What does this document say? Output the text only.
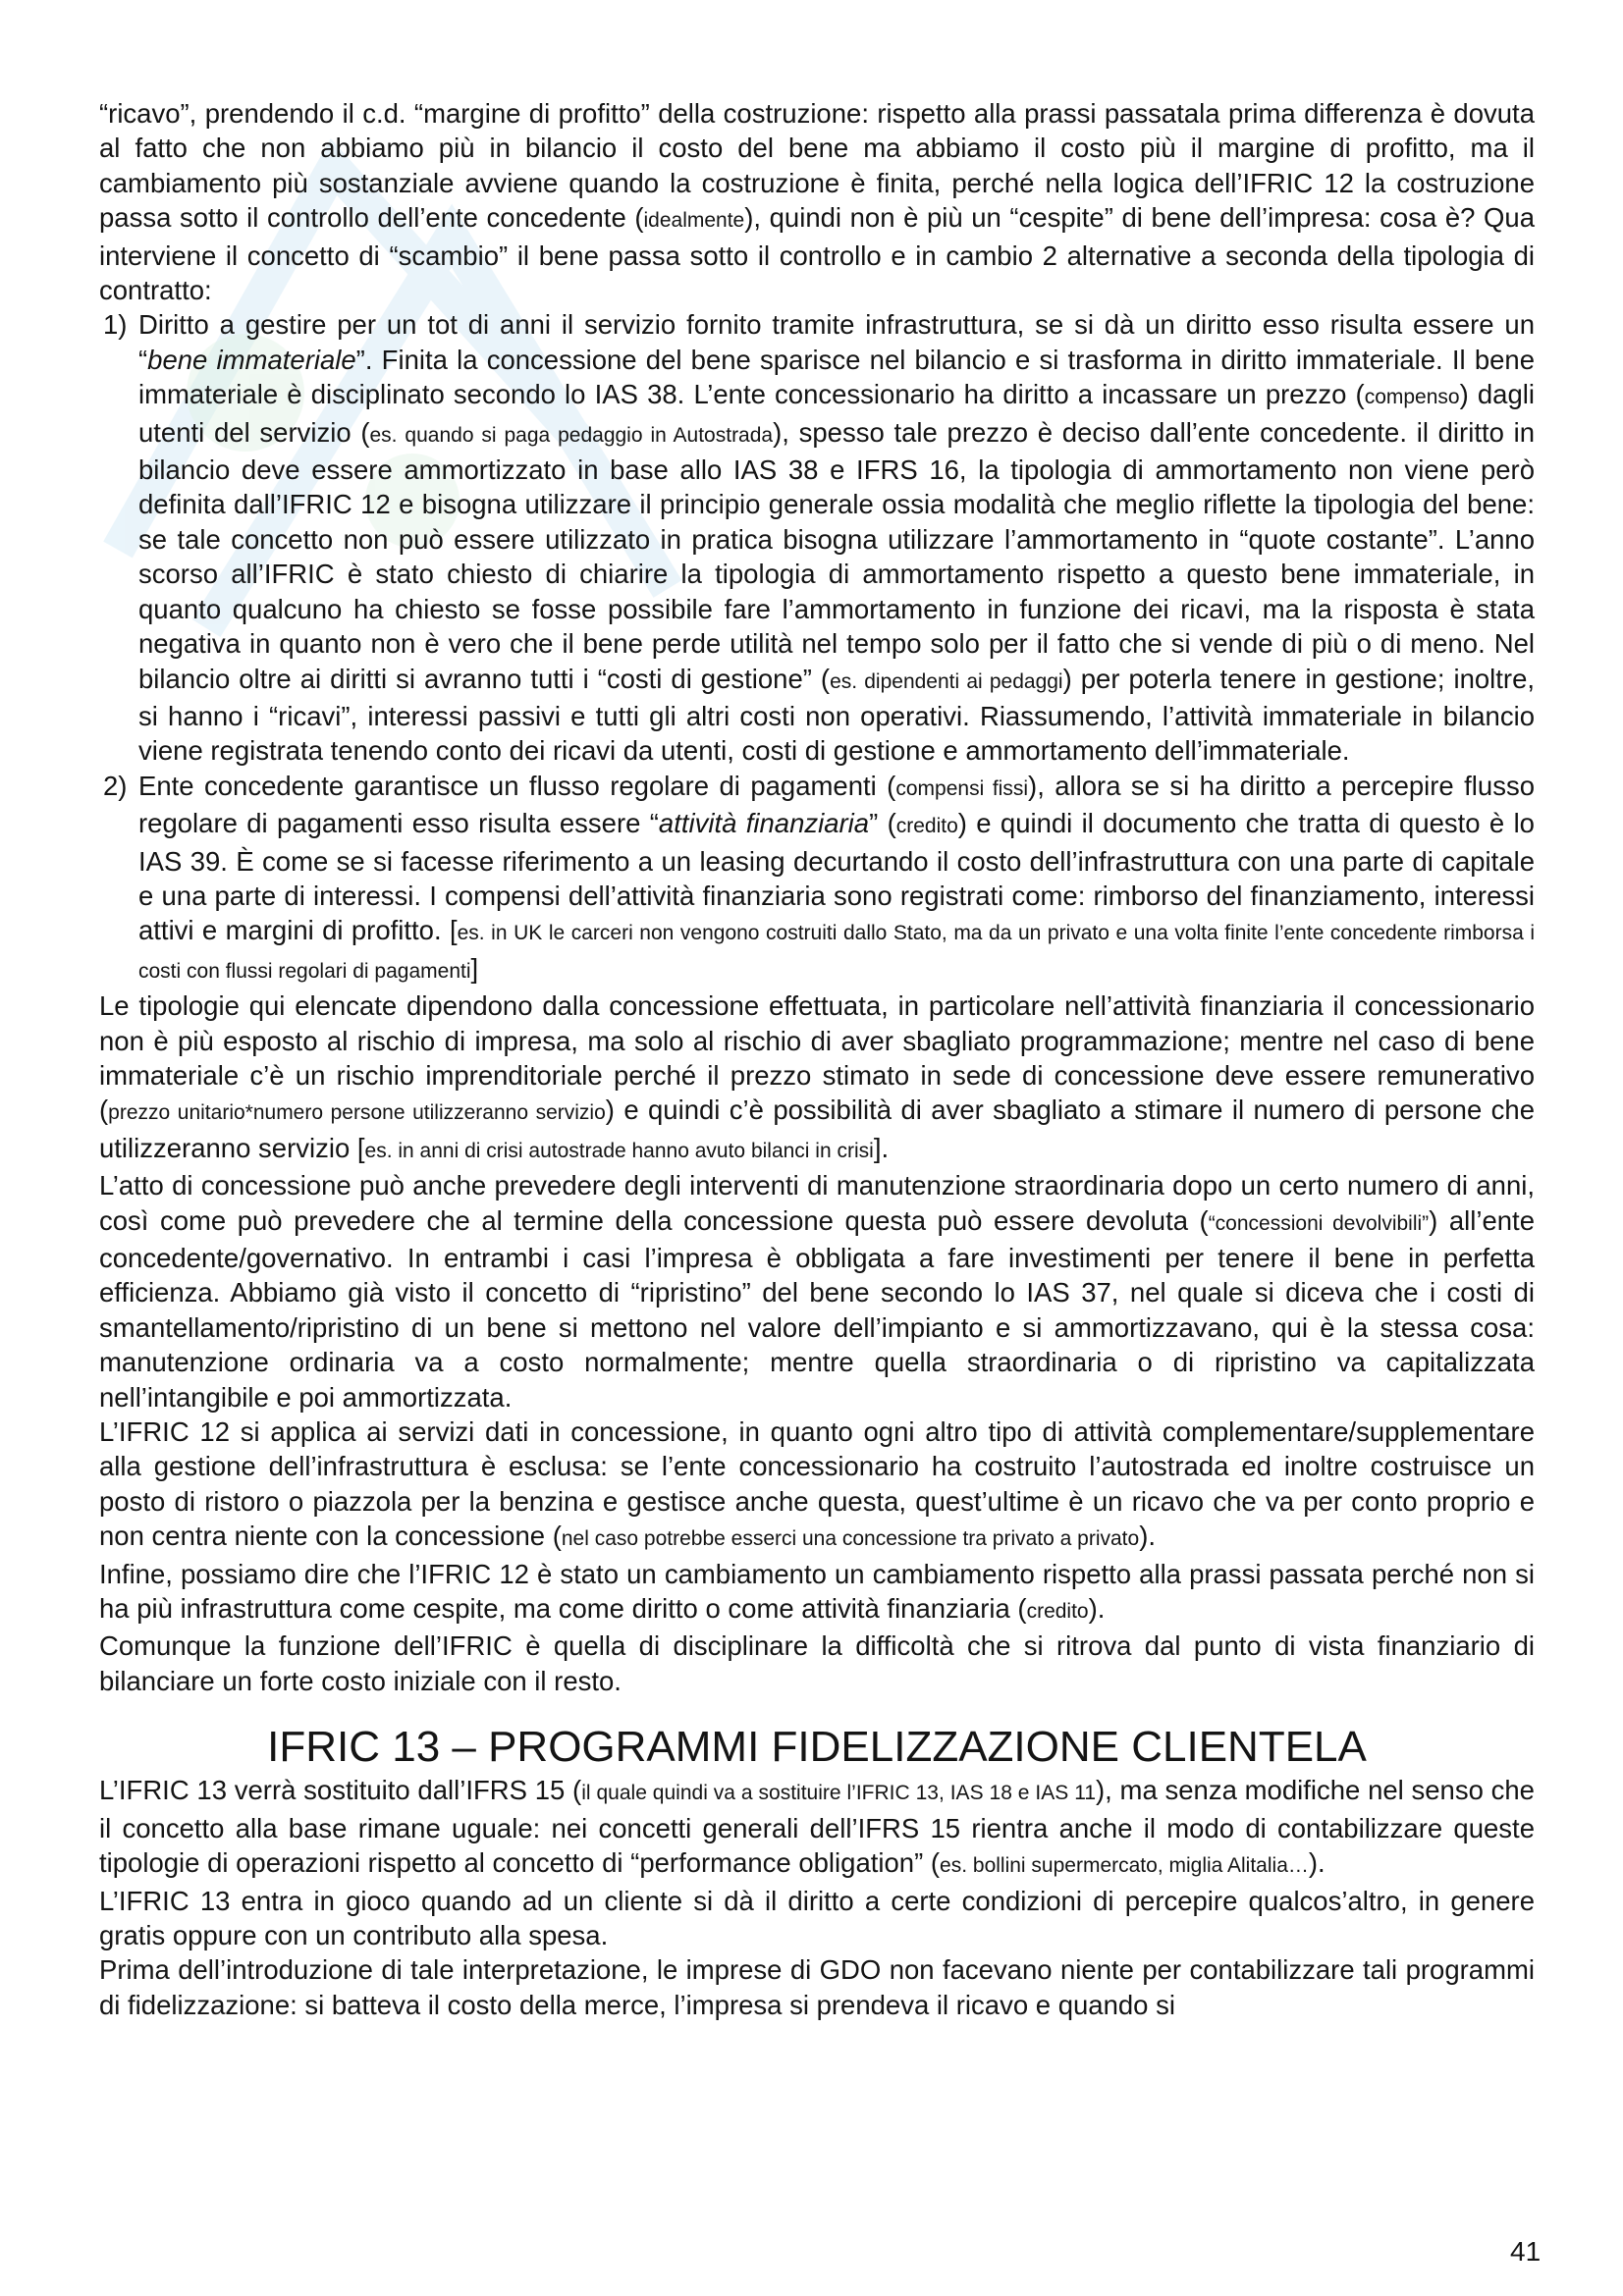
“ricavo”, prendendo il c.d. “margine di profitto” della costruzione: rispetto alla prassi passatala prima differenza è dovuta al fatto che non abbiamo più in bilancio il costo del bene ma abbiamo il costo più il margine di profitto, ma il cambiamento più sostanziale avviene quando la costruzione è finita, perché nella logica dell’IFRIC 12 la costruzione passa sotto il controllo dell’ente concedente (idealmente), quindi non è più un “cespite” di bene dell’impresa: cosa è? Qua interviene il concetto di “scambio” il bene passa sotto il controllo e in cambio 2 alternative a seconda della tipologia di contratto:

1) Diritto a gestire per un tot di anni il servizio fornito tramite infrastruttura, se si dà un diritto esso risulta essere un “bene immateriale”. Finita la concessione del bene sparisce nel bilancio e si trasforma in diritto immateriale. Il bene immateriale è disciplinato secondo lo IAS 38. L’ente concessionario ha diritto a incassare un prezzo (compenso) dagli utenti del servizio (es. quando si paga pedaggio in Autostrada), spesso tale prezzo è deciso dall’ente concedente. il diritto in bilancio deve essere ammortizzato in base allo IAS 38 e IFRS 16, la tipologia di ammortamento non viene però definita dall’IFRIC 12 e bisogna utilizzare il principio generale ossia modalità che meglio riflette la tipologia del bene: se tale concetto non può essere utilizzato in pratica bisogna utilizzare l’ammortamento in “quote costante”. L’anno scorso all’IFRIC è stato chiesto di chiarire la tipologia di ammortamento rispetto a questo bene immateriale, in quanto qualcuno ha chiesto se fosse possibile fare l’ammortamento in funzione dei ricavi, ma la risposta è stata negativa in quanto non è vero che il bene perde utilità nel tempo solo per il fatto che si vende di più o di meno. Nel bilancio oltre ai diritti si avranno tutti i “costi di gestione” (es. dipendenti ai pedaggi) per poterla tenere in gestione; inoltre, si hanno i “ricavi”, interessi passivi e tutti gli altri costi non operativi. Riassumendo, l’attività immateriale in bilancio viene registrata tenendo conto dei ricavi da utenti, costi di gestione e ammortamento dell’immateriale.
2) Ente concedente garantisce un flusso regolare di pagamenti (compensi fissi), allora se si ha diritto a percepire flusso regolare di pagamenti esso risulta essere “attività finanziaria” (credito) e quindi il documento che tratta di questo è lo IAS 39. È come se si facesse riferimento a un leasing decurtando il costo dell’infrastruttura con una parte di capitale e una parte di interessi. I compensi dell’attività finanziaria sono registrati come: rimborso del finanziamento, interessi attivi e margini di profitto. [es. in UK le carceri non vengono costruiti dallo Stato, ma da un privato e una volta finite l’ente concedente rimborsa i costi con flussi regolari di pagamenti]

Le tipologie qui elencate dipendono dalla concessione effettuata, in particolare nell’attività finanziaria il concessionario non è più esposto al rischio di impresa, ma solo al rischio di aver sbagliato programmazione; mentre nel caso di bene immateriale c’è un rischio imprenditoriale perché il prezzo stimato in sede di concessione deve essere remunerativo (prezzo unitario*numero persone utilizzeranno servizio) e quindi c’è possibilità di aver sbagliato a stimare il numero di persone che utilizzeranno servizio [es. in anni di crisi autostrade hanno avuto bilanci in crisi].

L’atto di concessione può anche prevedere degli interventi di manutenzione straordinaria dopo un certo numero di anni, così come può prevedere che al termine della concessione questa può essere devoluta (“concessioni devolvibili”) all’ente concedente/governativo. In entrambi i casi l’impresa è obbligata a fare investimenti per tenere il bene in perfetta efficienza. Abbiamo già visto il concetto di “ripristino” del bene secondo lo IAS 37, nel quale si diceva che i costi di smantellamento/ripristino di un bene si mettono nel valore dell’impianto e si ammortizzavano, qui è la stessa cosa: manutenzione ordinaria va a costo normalmente; mentre quella straordinaria o di ripristino va capitalizzata nell’intangibile e poi ammortizzata.

L’IFRIC 12 si applica ai servizi dati in concessione, in quanto ogni altro tipo di attività complementare/supplementare alla gestione dell’infrastruttura è esclusa: se l’ente concessionario ha costruito l’autostrada ed inoltre costruisce un posto di ristoro o piazzola per la benzina e gestisce anche questa, quest’ultime è un ricavo che va per conto proprio e non centra niente con la concessione (nel caso potrebbe esserci una concessione tra privato a privato).

Infine, possiamo dire che l’IFRIC 12 è stato un cambiamento un cambiamento rispetto alla prassi passata perché non si ha più infrastruttura come cespite, ma come diritto o come attività finanziaria (credito).

Comunque la funzione dell’IFRIC è quella di disciplinare la difficoltà che si ritrova dal punto di vista finanziario di bilanciare un forte costo iniziale con il resto.

IFRIC 13 – PROGRAMMI FIDELIZZAZIONE CLIENTELA

L’IFRIC 13 verrà sostituito dall’IFRS 15 (il quale quindi va a sostituire l’IFRIC 13, IAS 18 e IAS 11), ma senza modifiche nel senso che il concetto alla base rimane uguale: nei concetti generali dell’IFRS 15 rientra anche il modo di contabilizzare queste tipologie di operazioni rispetto al concetto di “performance obligation” (es. bollini supermercato, miglia Alitalia…).

L’IFRIC 13 entra in gioco quando ad un cliente si dà il diritto a certe condizioni di percepire qualcos’altro, in genere gratis oppure con un contributo alla spesa.

Prima dell’introduzione di tale interpretazione, le imprese di GDO non facevano niente per contabilizzare tali programmi di fidelizzazione: si batteva il costo della merce, l’impresa si prendeva il ricavo e quando si

41
